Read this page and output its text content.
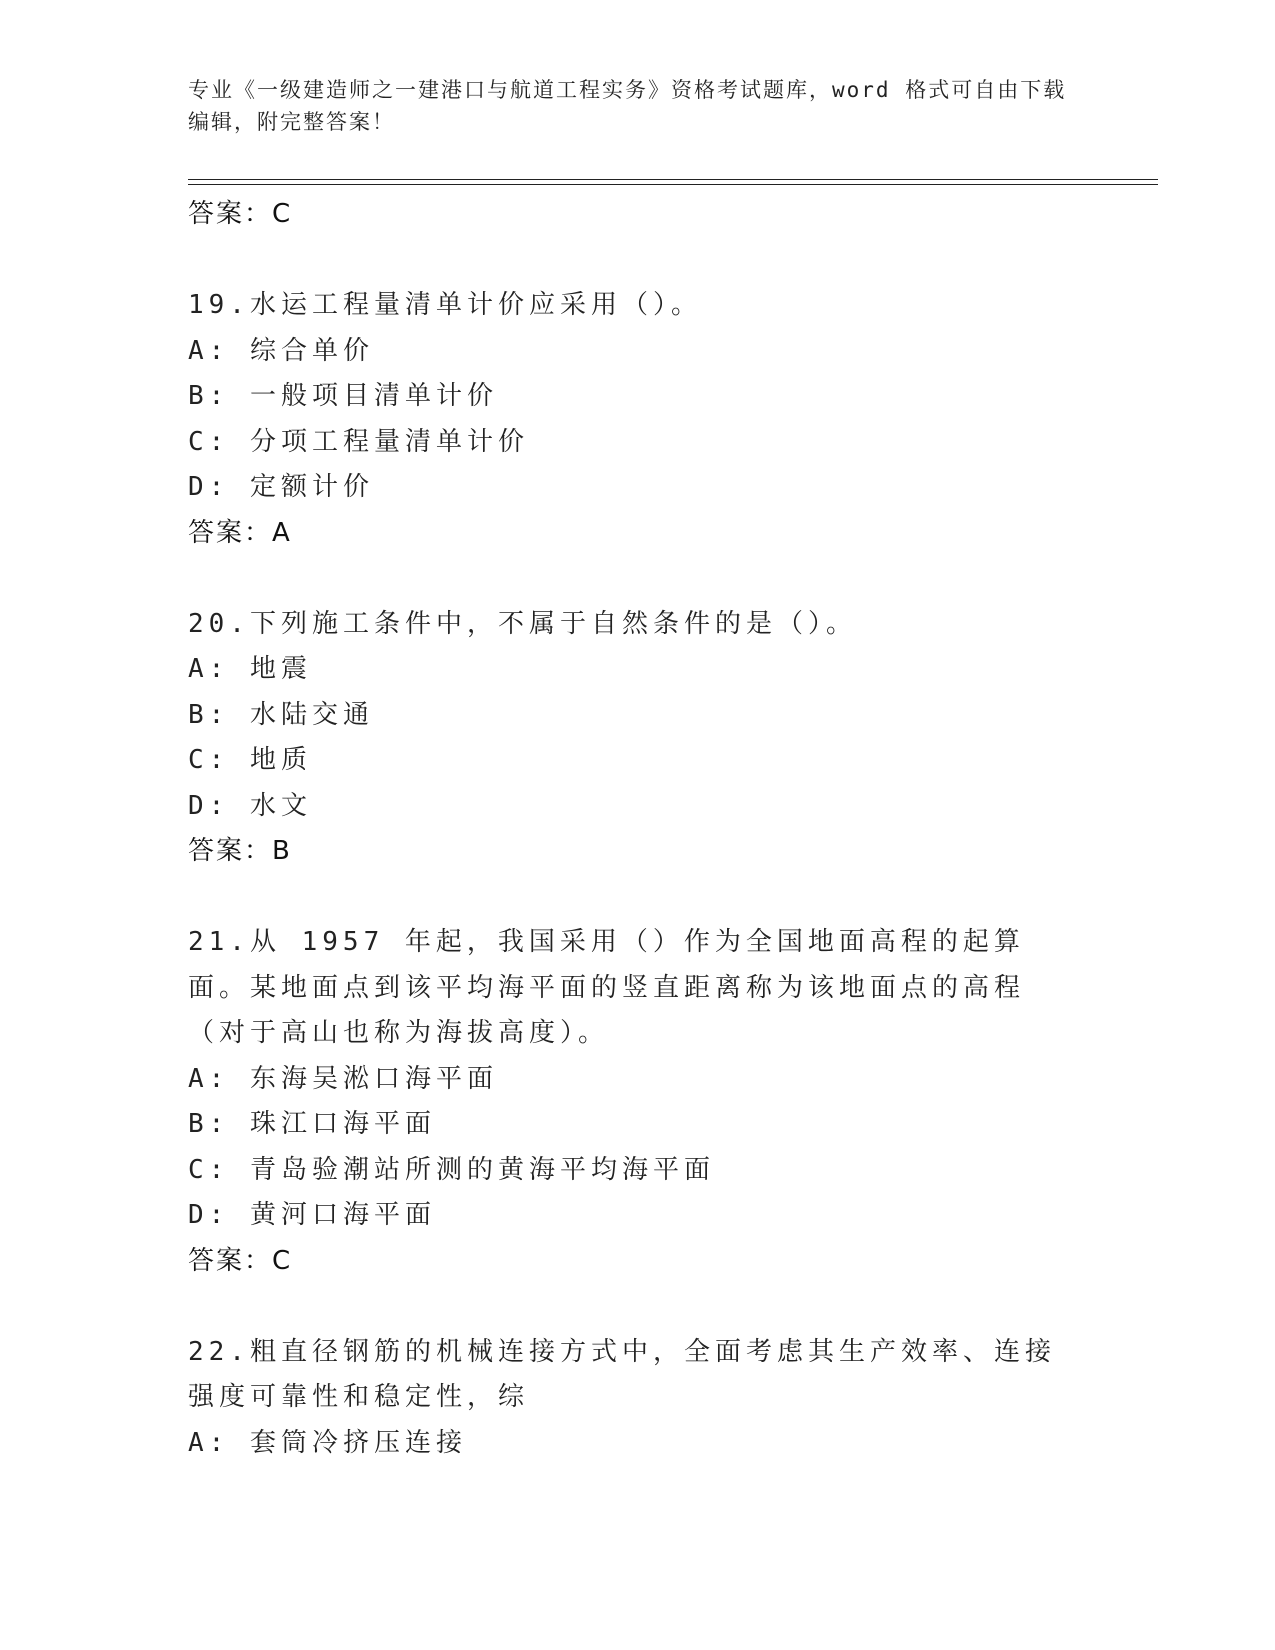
专业《一级建造师之一建港口与航道工程实务》资格考试题库，word 格式可自由下载编辑，附完整答案！
答案：C
19.水运工程量清单计价应采用（）。
A: 综合单价
B: 一般项目清单计价
C: 分项工程量清单计价
D: 定额计价
答案：A
20.下列施工条件中，不属于自然条件的是（）。
A: 地震
B: 水陆交通
C: 地质
D: 水文
答案：B
21.从 1957 年起，我国采用（）作为全国地面高程的起算面。某地面点到该平均海平面的竖直距离称为该地面点的高程（对于高山也称为海拔高度）。
A: 东海吴淞口海平面
B: 珠江口海平面
C: 青岛验潮站所测的黄海平均海平面
D: 黄河口海平面
答案：C
22.粗直径钢筋的机械连接方式中，全面考虑其生产效率、连接强度可靠性和稳定性，综
A: 套筒冷挤压连接
